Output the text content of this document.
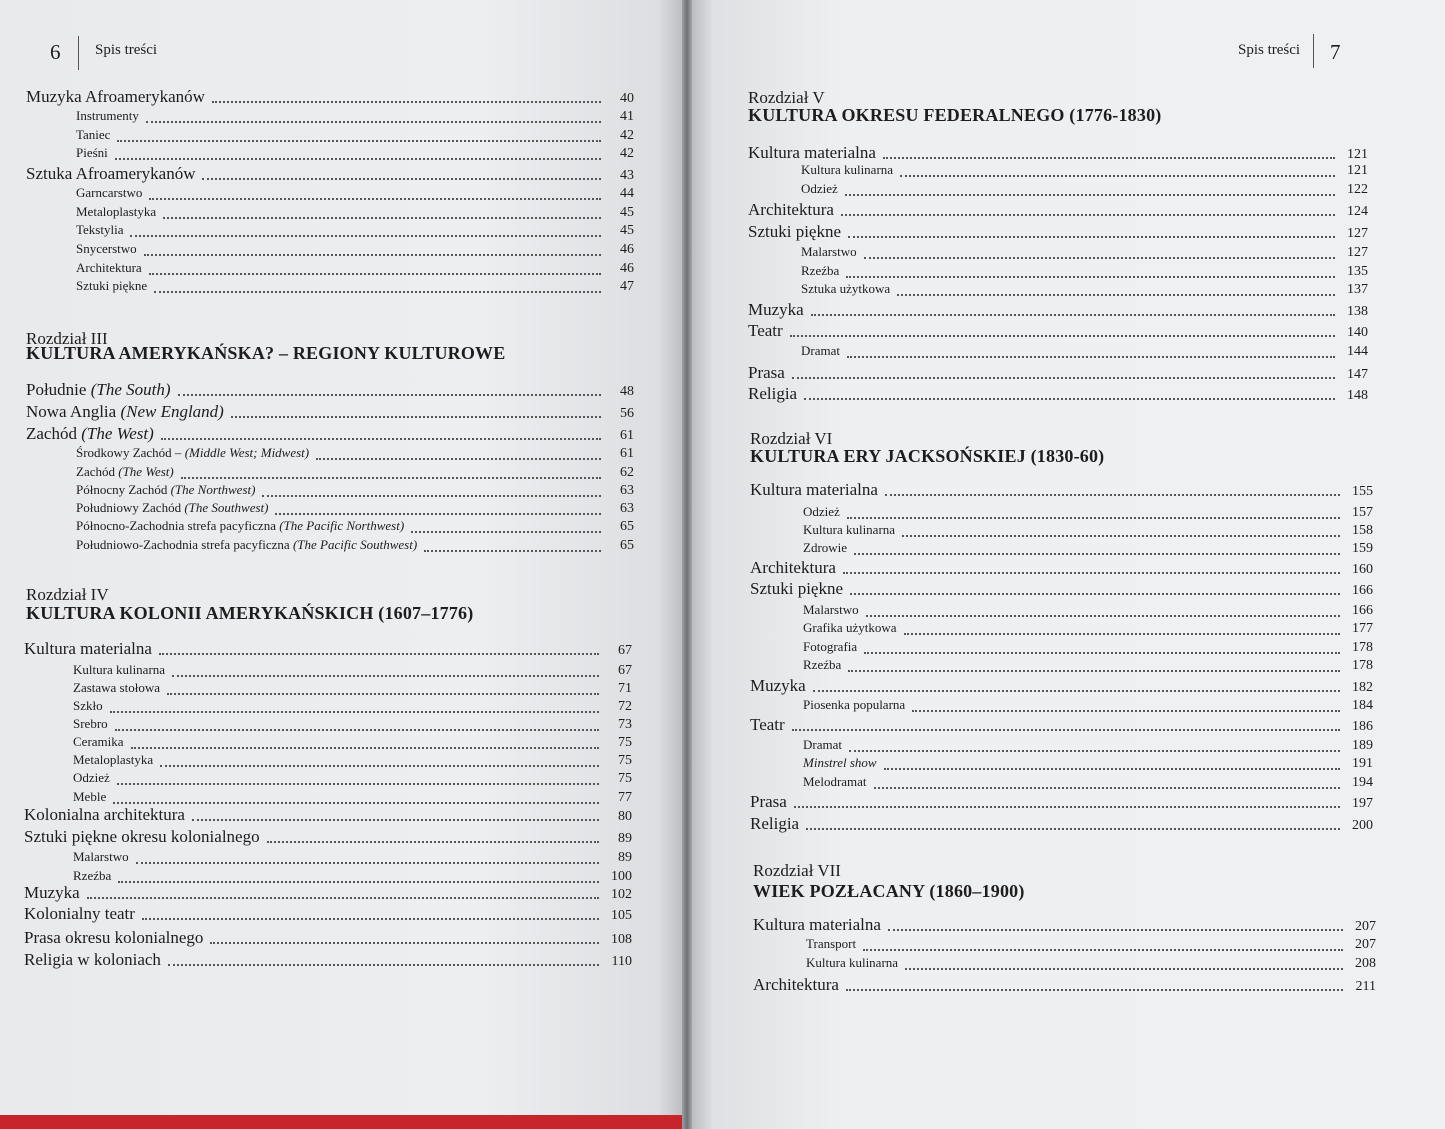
6 Spis treści	Spis treści 7
Rozdział III
KULTURA AMERYKAŃSKA? – REGIONY KULTUROWE
Rozdział IV
KULTURA KOLONII AMERYKAŃSKICH (1607–1776)
Rozdział V
KULTURA OKRESU FEDERALNEGO (1776-1830)
Rozdział VI
KULTURA ERY JACKSOŃSKIEJ (1830-60)
Rozdział VII
WIEK POZŁACANY (1860–1900)
Muzyka Afroamerykanów	40
Instrumenty	41
Taniec	42
Pieśni	42
Sztuka Afroamerykanów	43
Garncarstwo	44
Metaloplastyka	45
Tekstylia	45
Snycerstwo	46
Architektura	46
Sztuki piękne	47
Południe (The South)	48
Nowa Anglia (New England)	56
Zachód (The West)	61
Środkowy Zachód – (Middle West; Midwest)	61
Zachód (The West)	62
Północny Zachód (The Northwest)	63
Południowy Zachód (The Southwest)	63
Północno-Zachodnia strefa pacyficzna (The Pacific Northwest)	65
Południowo-Zachodnia strefa pacyficzna (The Pacific Southwest)	65
Kultura materialna	67
Kultura kulinarna	67
Zastawa stołowa	71
Szkło	72
Srebro	73
Ceramika	75
Metaloplastyka	75
Odzież	75
Meble	77
Kolonialna architektura	80
Sztuki piękne okresu kolonialnego	89
Malarstwo	89
Rzeźba	100
Muzyka	102
Kolonialny teatr	105
Prasa okresu kolonialnego	108
Religia w koloniach	110
Kultura materialna	121
Kultura kulinarna	121
Odzież	122
Architektura	124
Sztuki piękne	127
Malarstwo	127
Rzeźba	135
Sztuka użytkowa	137
Muzyka	138
Teatr	140
Dramat	144
Prasa	147
Religia	148
Kultura materialna	155
Odzież	157
Kultura kulinarna	158
Zdrowie	159
Architektura	160
Sztuki piękne	166
Malarstwo	166
Grafika użytkowa	177
Fotografia	178
Rzeźba	178
Muzyka	182
Piosenka popularna	184
Teatr	186
Dramat	189
Minstrel show	191
Melodramat	194
Prasa	197
Religia	200
Kultura materialna	207
Transport	207
Kultura kulinarna	208
Architektura	211
